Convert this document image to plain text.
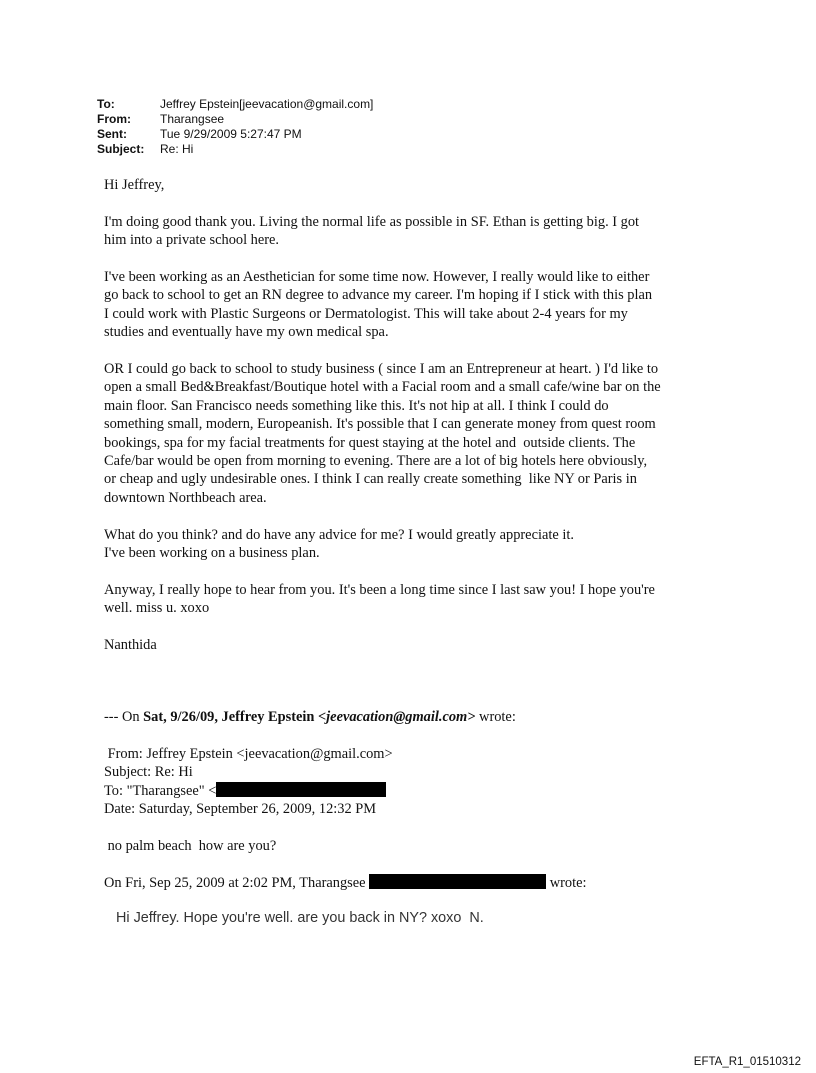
To:	Jeffrey Epstein[jeevacation@gmail.com]
From:	Tharangsee
Sent:	Tue 9/29/2009 5:27:47 PM
Subject:	Re: Hi

Hi Jeffrey,

I'm doing good thank you. Living the normal life as possible in SF. Ethan is getting big. I got
him into a private school here.

I've been working as an Aesthetician for some time now. However, I really would like to either
go back to school to get an RN degree to advance my career. I'm hoping if I stick with this plan
I could work with Plastic Surgeons or Dermatologist. This will take about 2-4 years for my
studies and eventually have my own medical spa.

OR I could go back to school to study business ( since I am an Entrepreneur at heart. ) I'd like to
open a small Bed&Breakfast/Boutique hotel with a Facial room and a small cafe/wine bar on the
main floor. San Francisco needs something like this. It's not hip at all. I think I could do
something small, modern, Europeanish. It's possible that I can generate money from quest room
bookings, spa for my facial treatments for quest staying at the hotel and  outside clients. The
Cafe/bar would be open from morning to evening. There are a lot of big hotels here obviously,
or cheap and ugly undesirable ones. I think I can really create something  like NY or Paris in
downtown Northbeach area.

What do you think? and do have any advice for me? I would greatly appreciate it.
I've been working on a business plan.

Anyway, I really hope to hear from you. It's been a long time since I last saw you! I hope you're
well. miss u. xoxo

Nanthida

--- On Sat, 9/26/09, Jeffrey Epstein <jeevacation@gmail.com> wrote:

From: Jeffrey Epstein <jeevacation@gmail.com>

Subject: Re: Hi

To: "Tharangsee" <

Date: Saturday, September 26, 2009, 12:32 PM

no palm beach  how are you?

On Fri, Sep 25, 2009 at 2:02 PM, Tharangsee	wrote:

Hi Jeffrey. Hope you're well. are you back in NY? xoxo  N.
EFTA_R1_01510312
